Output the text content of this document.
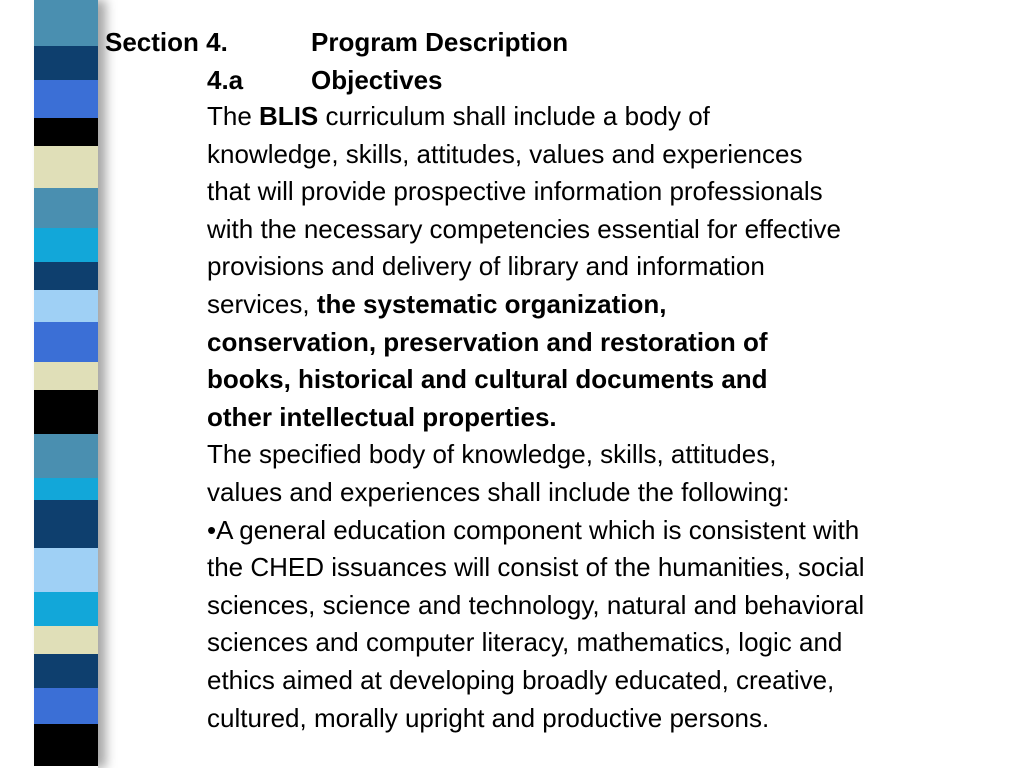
Section 4.	Program Description
4.a	Objectives
The BLIS curriculum shall include a body of
knowledge, skills, attitudes, values and experiences
that will provide prospective information professionals
with the necessary competencies essential for effective
provisions and delivery of library and information
services, the systematic organization,
conservation, preservation and restoration of
books, historical and cultural documents and
other intellectual properties.
The specified body of knowledge, skills, attitudes,
values and experiences shall include the following:
•A general education component which is consistent with
the CHED issuances will consist of the humanities, social
sciences, science and technology, natural and behavioral
sciences and computer literacy, mathematics, logic and
ethics aimed at developing broadly educated, creative,
cultured, morally upright and productive persons.
